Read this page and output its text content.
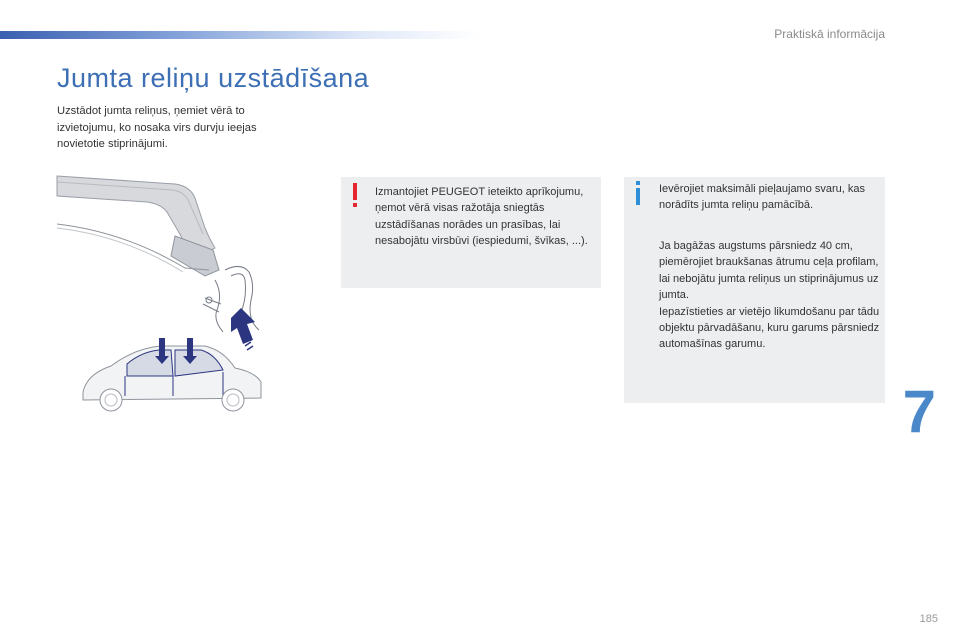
Praktiskā informācija
Jumta reliņu uzstādīšana
Uzstādot jumta reliņus, ņemiet vērā to izvietojumu, ko nosaka virs durvju ieejas novietotie stiprinājumi.
Izmantojiet PEUGEOT ieteikto aprīkojumu, ņemot vērā visas ražotāja sniegtās uzstādīšanas norādes un prasības, lai nesabojātu virsbūvi (iespiedumi, švīkas, ...).
Ievērojiet maksimāli pieļaujamo svaru, kas norādīts jumta reliņu pamācībā.
Ja bagāžas augstums pārsniedz 40 cm, piemērojiet braukšanas ātrumu ceļa profilam, lai nebojātu jumta reliņus un stiprinājumus uz jumta.
Iepazīstieties ar vietējo likumdošanu par tādu objektu pārvadāšanu, kuru garums pārsniedz automašīnas garumu.
7
185
